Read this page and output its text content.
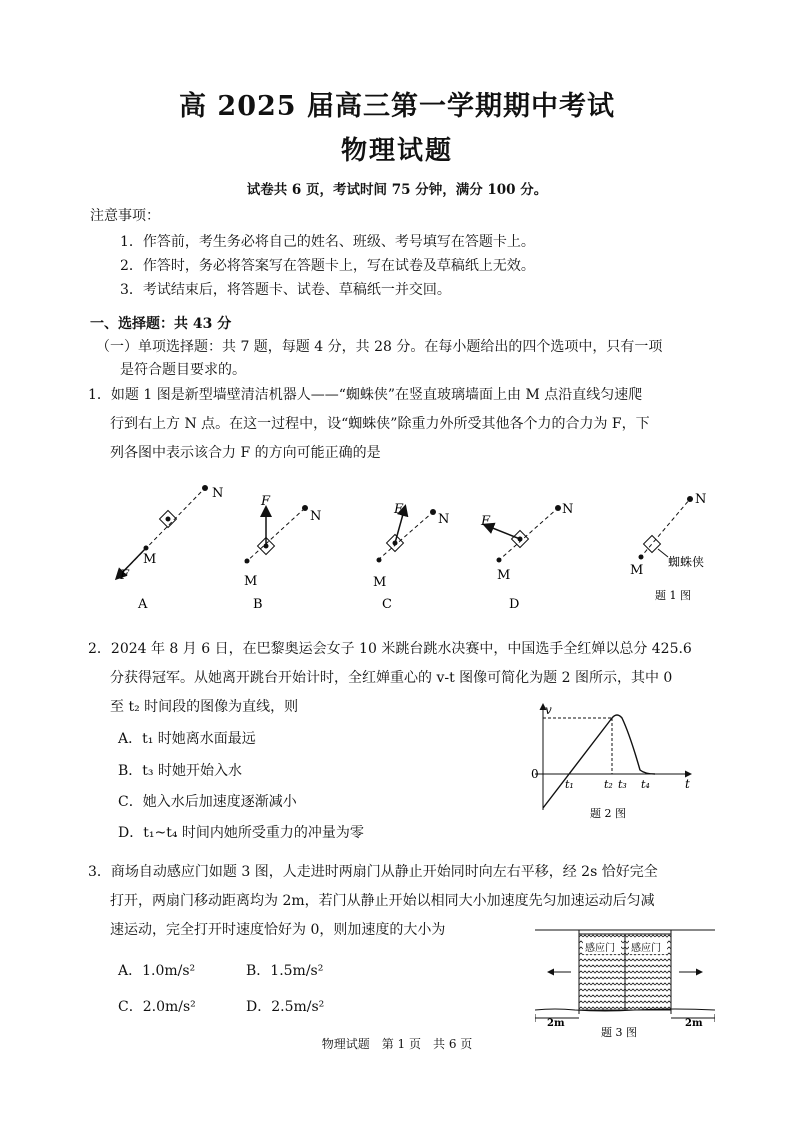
高 2025 届高三第一学期期中考试
物理试题
试卷共 6 页，考试时间 75 分钟，满分 100 分。
注意事项：
1．作答前，考生务必将自己的姓名、班级、考号填写在答题卡上。
2．作答时，务必将答案写在答题卡上，写在试卷及草稿纸上无效。
3．考试结束后，将答题卡、试卷、草稿纸一并交回。
一、选择题：共 43 分
（一）单项选择题：共 7 题，每题 4 分，共 28 分。在每小题给出的四个选项中，只有一项
是符合题目要求的。
1．如题 1 图是新型墙壁清洁机器人——“蜘蛛侠”在竖直玻璃墙面上由 M 点沿直线匀速爬
行到右上方 N 点。在这一过程中，设“蜘蛛侠”除重力外所受其他各个力的合力为 F，下
列各图中表示该合力 F 的方向可能正确的是
N
M
F
A
F
N
M
B
F
N
M
C
F
N
M
D
N
M
蜘蛛侠
题 1 图
2．2024 年 8 月 6 日，在巴黎奥运会女子 10 米跳台跳水决赛中，中国选手全红婵以总分 425.6
分获得冠军。从她离开跳台开始计时，全红婵重心的 v-t 图像可简化为题 2 图所示，其中 0
至 t₂ 时间段的图像为直线，则
A．t₁ 时她离水面最远
B．t₃ 时她开始入水
C．她入水后加速度逐渐减小
D．t₁~t₄ 时间内她所受重力的冲量为零
v
t
0
t₁	t₂ t₃ t₄
题 2 图
3．商场自动感应门如题 3 图，人走进时两扇门从静止开始同时向左右平移，经 2s 恰好完全
打开，两扇门移动距离均为 2m，若门从静止开始以相同大小加速度先匀加速运动后匀减
速运动，完全打开时速度恰好为 0，则加速度的大小为
A．1.0m/s²	B．1.5m/s²
C．2.0m/s²	D．2.5m/s²
感应门 感应门
2m	2m
题 3 图
物理试题　第 1 页　共 6 页
